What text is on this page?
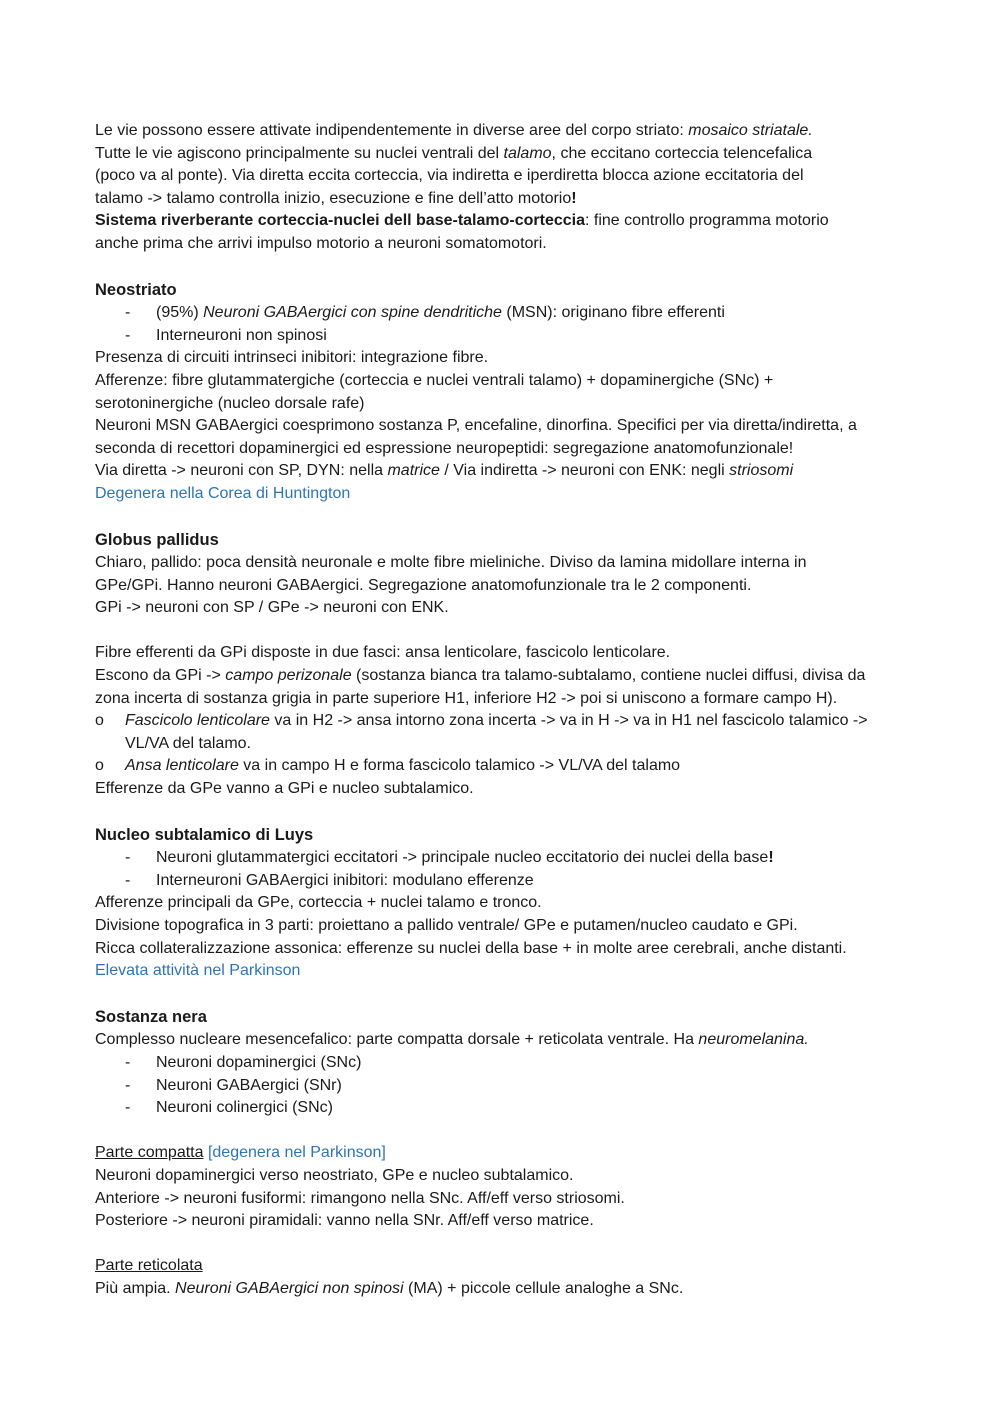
Le vie possono essere attivate indipendentemente in diverse aree del corpo striato: mosaico striatale.

Tutte le vie agiscono principalmente su nuclei ventrali del talamo, che eccitano corteccia telencefalica

(poco va al ponte). Via diretta eccita corteccia, via indiretta e iperdiretta blocca azione eccitatoria del

talamo -> talamo controlla inizio, esecuzione e fine dell’atto motorio!

Sistema riverberante corteccia-nuclei dell base-talamo-corteccia: fine controllo programma motorio

anche prima che arrivi impulso motorio a neuroni somatomotori.

Neostriato

- (95%) Neuroni GABAergici con spine dendritiche (MSN): originano fibre efferenti
- Interneuroni non spinosi

Presenza di circuiti intrinseci inibitori: integrazione fibre.

Afferenze: fibre glutammatergiche (corteccia e nuclei ventrali talamo) + dopaminergiche (SNc) +

serotoninergiche (nucleo dorsale rafe)

Neuroni MSN GABAergici coesprimono sostanza P, encefaline, dinorfina. Specifici per via diretta/indiretta, a

seconda di recettori dopaminergici ed espressione neuropeptidi: segregazione anatomofunzionale!

Via diretta -> neuroni con SP, DYN: nella matrice / Via indiretta -> neuroni con ENK: negli striosomi

Degenera nella Corea di Huntington

Globus pallidus

Chiaro, pallido: poca densità neuronale e molte fibre mieliniche. Diviso da lamina midollare interna in

GPe/GPi. Hanno neuroni GABAergici. Segregazione anatomofunzionale tra le 2 componenti.

GPi -> neuroni con SP / GPe -> neuroni con ENK.

Fibre efferenti da GPi disposte in due fasci: ansa lenticolare, fascicolo lenticolare.

Escono da GPi -> campo perizonale (sostanza bianca tra talamo-subtalamo, contiene nuclei diffusi, divisa da

zona incerta di sostanza grigia in parte superiore H1, inferiore H2 -> poi si uniscono a formare campo H).

o Fascicolo lenticolare va in H2 -> ansa intorno zona incerta -> va in H -> va in H1 nel fascicolo talamico ->
VL/VA del talamo.
o Ansa lenticolare va in campo H e forma fascicolo talamico -> VL/VA del talamo

Efferenze da GPe vanno a GPi e nucleo subtalamico.

Nucleo subtalamico di Luys

- Neuroni glutammatergici eccitatori -> principale nucleo eccitatorio dei nuclei della base!
- Interneuroni GABAergici inibitori: modulano efferenze

Afferenze principali da GPe, corteccia + nuclei talamo e tronco.

Divisione topografica in 3 parti: proiettano a pallido ventrale/ GPe e putamen/nucleo caudato e GPi.

Ricca collateralizzazione assonica: efferenze su nuclei della base + in molte aree cerebrali, anche distanti.

Elevata attività nel Parkinson

Sostanza nera

Complesso nucleare mesencefalico: parte compatta dorsale + reticolata ventrale. Ha neuromelanina.

- Neuroni dopaminergici (SNc)
- Neuroni GABAergici (SNr)
- Neuroni colinergici (SNc)

Parte compatta [degenera nel Parkinson]

Neuroni dopaminergici verso neostriato, GPe e nucleo subtalamico.

Anteriore -> neuroni fusiformi: rimangono nella SNc. Aff/eff verso striosomi.

Posteriore -> neuroni piramidali: vanno nella SNr. Aff/eff verso matrice.

Parte reticolata

Più ampia. Neuroni GABAergici non spinosi (MA) + piccole cellule analoghe a SNc.
